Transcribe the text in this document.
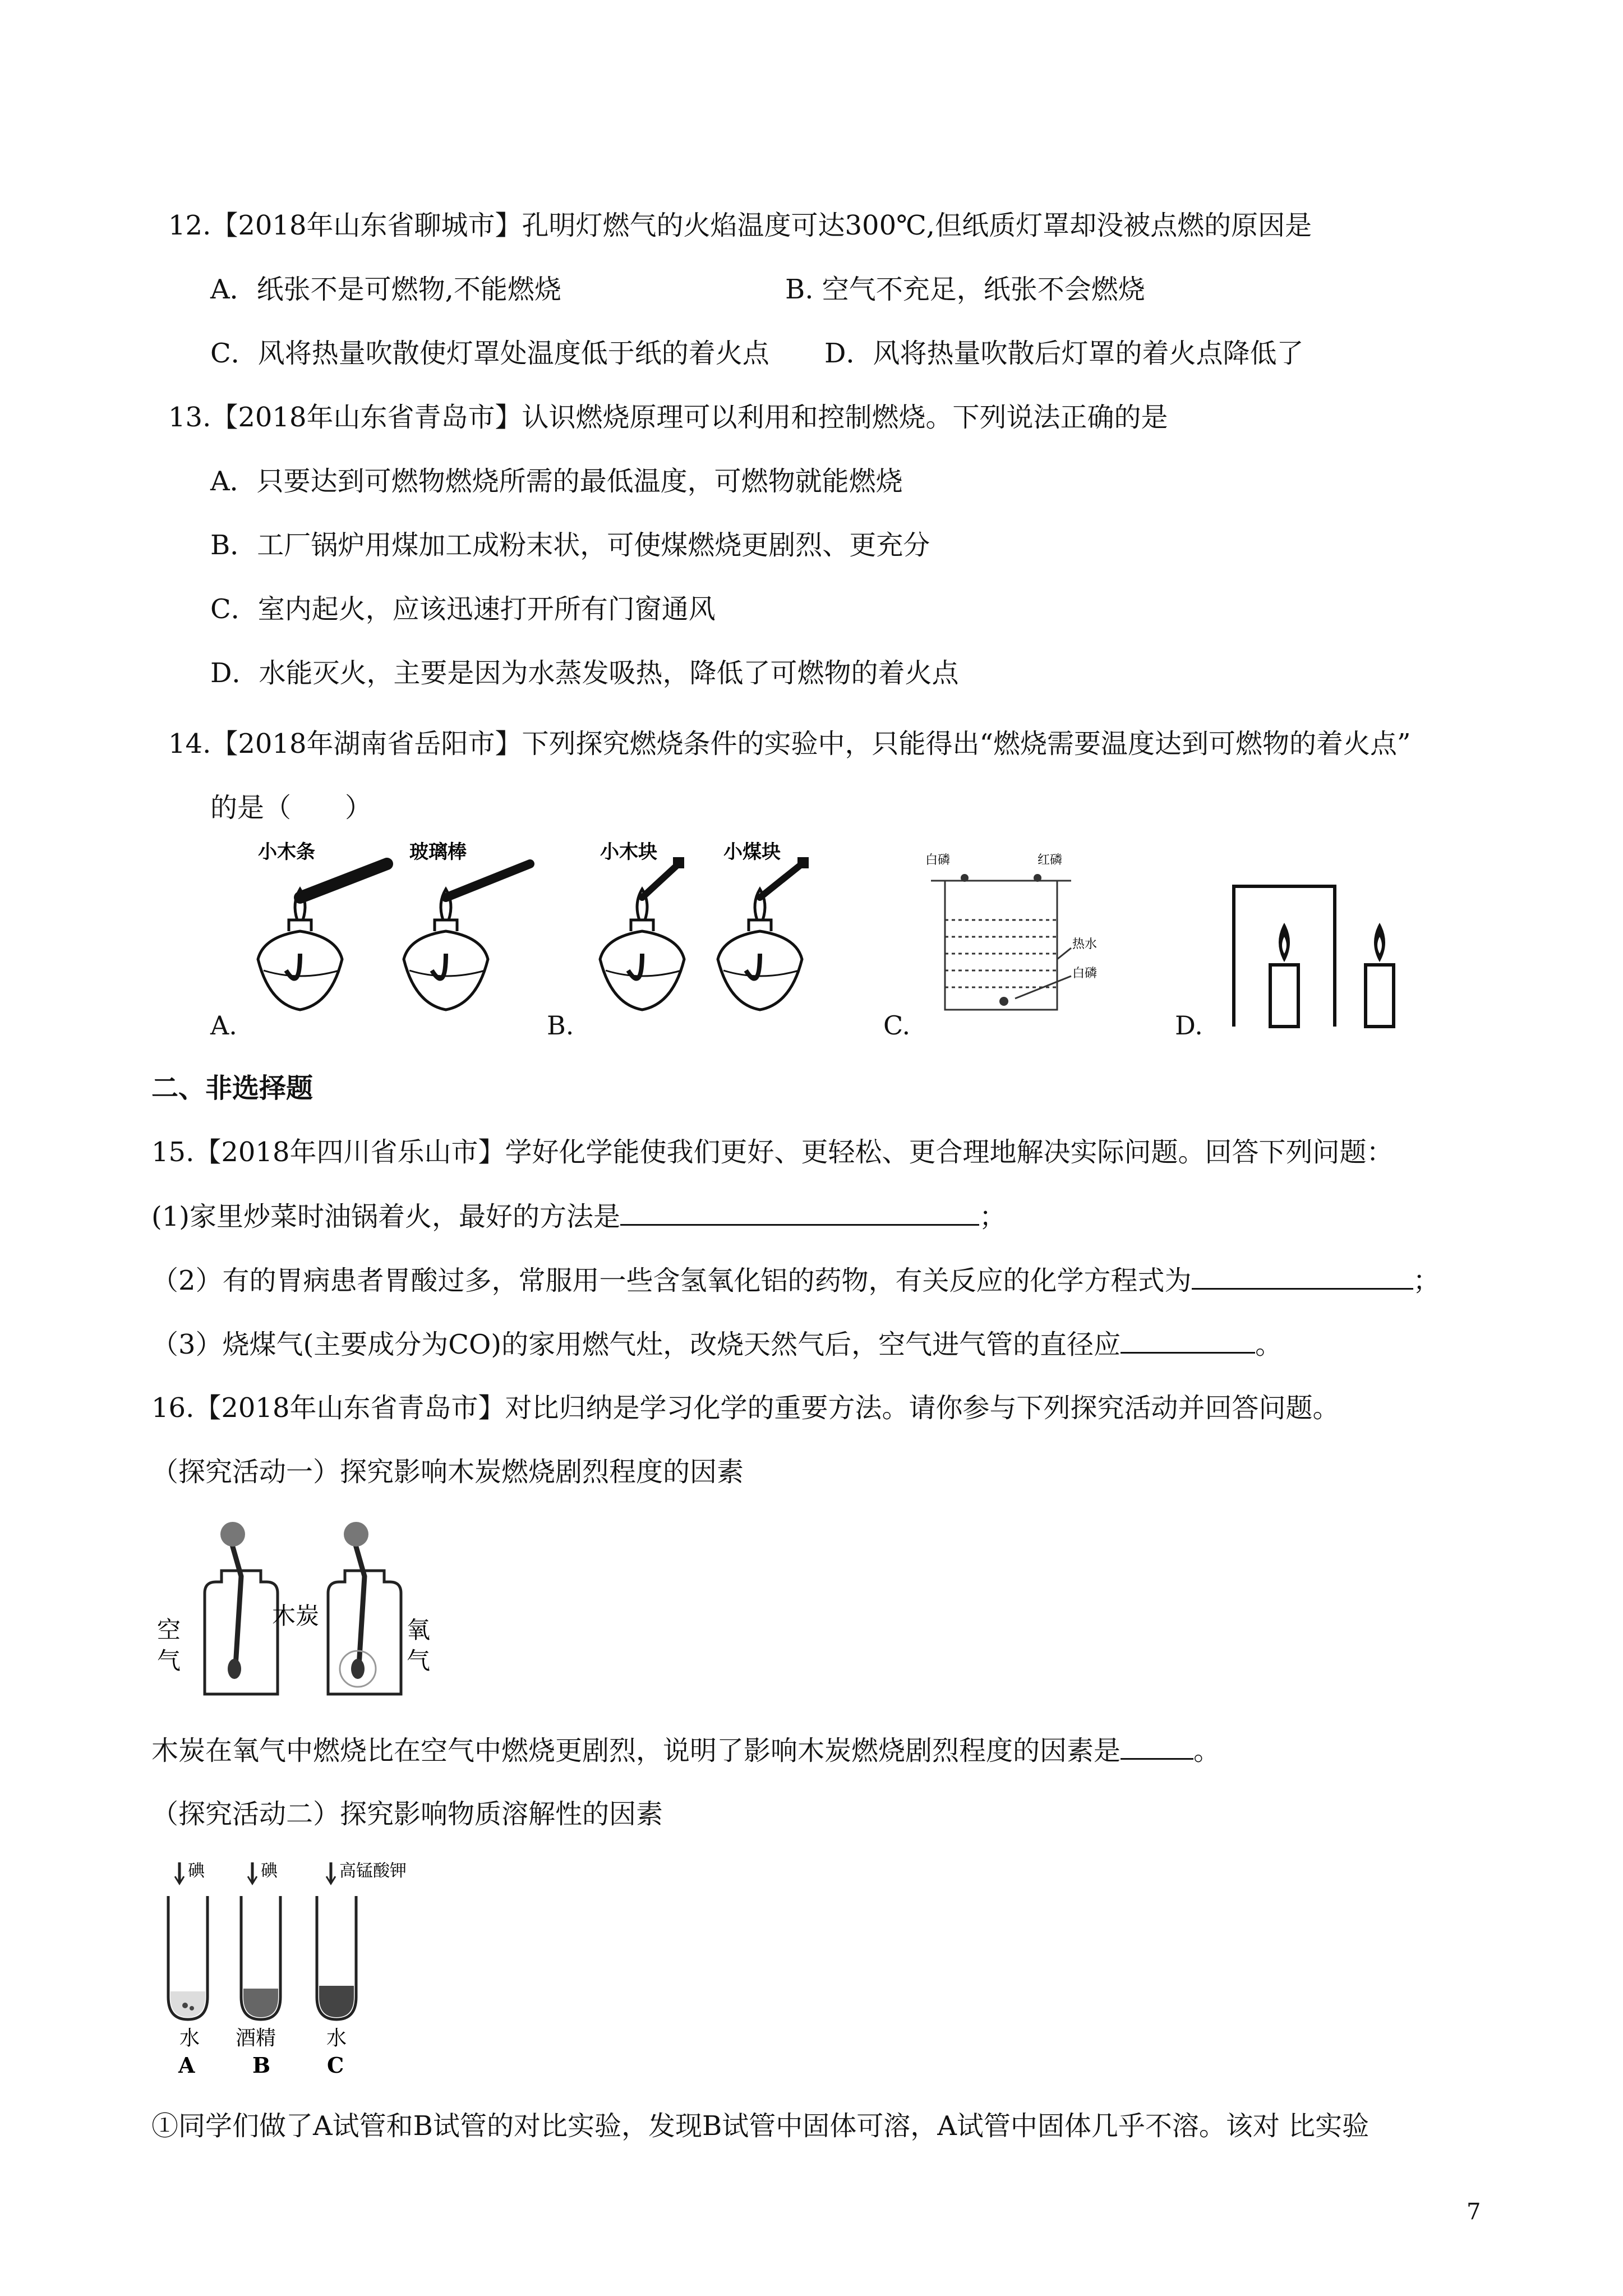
12.【2018年山东省聊城市】孔明灯燃气的火焰温度可达300℃,但纸质灯罩却没被点燃的原因是
A．纸张不是可燃物,不能燃烧	B. 空气不充足，纸张不会燃烧
C．风将热量吹散使灯罩处温度低于纸的着火点 D．风将热量吹散后灯罩的着火点降低了
13.【2018年山东省青岛市】认识燃烧原理可以利用和控制燃烧。下列说法正确的是
A．只要达到可燃物燃烧所需的最低温度，可燃物就能燃烧
B．工厂锅炉用煤加工成粉末状，可使煤燃烧更剧烈、更充分
C．室内起火，应该迅速打开所有门窗通风
D．水能灭火，主要是因为水蒸发吸热，降低了可燃物的着火点
14.【2018年湖南省岳阳市】下列探究燃烧条件的实验中，只能得出“燃烧需要温度达到可燃物的着火点”
的是（　　）
小木条	玻璃棒
A.
小木块	小煤块
B.
白磷	红磷
热水
白磷
C.	D.
二、非选择题
15.【2018年四川省乐山市】学好化学能使我们更好、更轻松、更合理地解决实际问题。回答下列问题：
(1)家里炒菜时油锅着火，最好的方法是	；
（2）有的胃病患者胃酸过多，常服用一些含氢氧化铝的药物，有关反应的化学方程式为	；
（3）烧煤气(主要成分为CO)的家用燃气灶，改烧天然气后，空气进气管的直径应	。
16.【2018年山东省青岛市】对比归纳是学习化学的重要方法。请你参与下列探究活动并回答问题。
（探究活动一）探究影响木炭燃烧剧烈程度的因素
空
气
木炭
氧
气
木炭在氧气中燃烧比在空气中燃烧更剧烈，说明了影响木炭燃烧剧烈程度的因素是	。
（探究活动二）探究影响物质溶解性的因素
碘	碘	高锰酸钾
水 酒精 水
A	B	C
①同学们做了A试管和B试管的对比实验，发现B试管中固体可溶，A试管中固体几乎不溶。该对 比实验
7
